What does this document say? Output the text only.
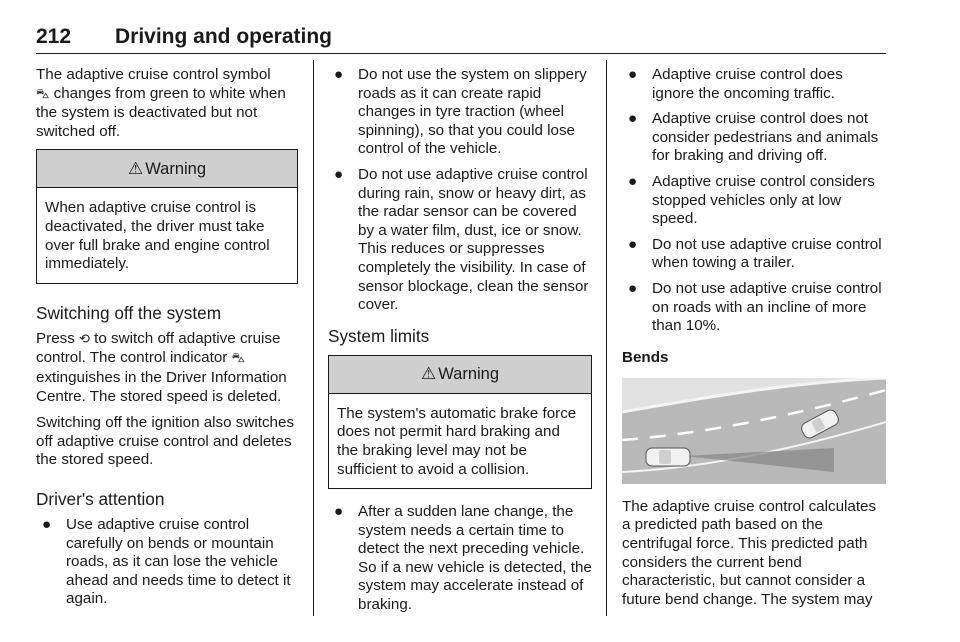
212 Driving and operating

The adaptive cruise control symbol
⛍ changes from green to white when the system is deactivated but not switched off.

⚠ Warning
When adaptive cruise control is deactivated, the driver must take over full brake and engine control immediately.
Switching off the system

Press ⟲ to switch off adaptive cruise control. The control indicator ⛍ extinguishes in the Driver Information Centre. The stored speed is deleted.

Switching off the ignition also switches off adaptive cruise control and deletes the stored speed.

Driver's attention
● Use adaptive cruise control carefully on bends or mountain roads, as it can lose the vehicle ahead and needs time to detect it again.
● Do not use the system on slippery roads as it can create rapid changes in tyre traction (wheel spinning), so that you could lose control of the vehicle.
● Do not use adaptive cruise control during rain, snow or heavy dirt, as the radar sensor can be covered by a water film, dust, ice or snow. This reduces or suppresses completely the visibility. In case of sensor blockage, clean the sensor cover.
System limits
⚠ Warning
The system's automatic brake force does not permit hard braking and the braking level may not be sufficient to avoid a collision.
● After a sudden lane change, the system needs a certain time to detect the next preceding vehicle. So if a new vehicle is detected, the system may accelerate instead of braking.
● Adaptive cruise control does ignore the oncoming traffic.
● Adaptive cruise control does not consider pedestrians and animals for braking and driving off.
● Adaptive cruise control considers stopped vehicles only at low speed.
● Do not use adaptive cruise control when towing a trailer.
● Do not use adaptive cruise control on roads with an incline of more than 10%.
Bends

The adaptive cruise control calculates a predicted path based on the centrifugal force. This predicted path considers the current bend characteristic, but cannot consider a future bend change. The system may
